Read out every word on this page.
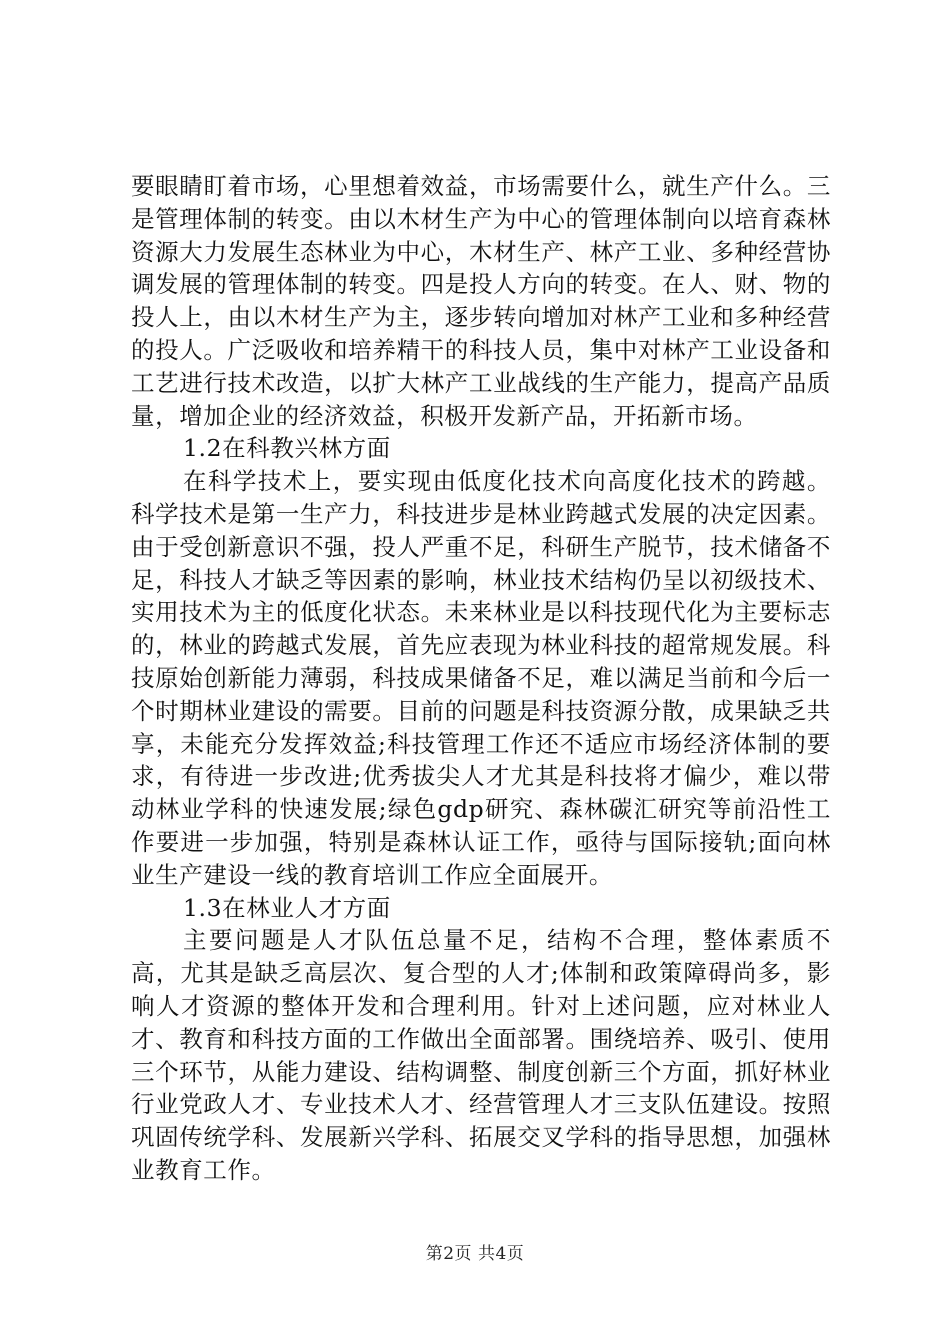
要眼睛盯着市场，心里想着效益，市场需要什么，就生产什么。三是管理体制的转变。由以木材生产为中心的管理体制向以培育森林资源大力发展生态林业为中心，木材生产、林产工业、多种经营协调发展的管理体制的转变。四是投人方向的转变。在人、财、物的投人上，由以木材生产为主，逐步转向增加对林产工业和多种经营的投人。广泛吸收和培养精干的科技人员，集中对林产工业设备和工艺进行技术改造，以扩大林产工业战线的生产能力，提高产品质量，增加企业的经济效益，积极开发新产品，开拓新市场。

1.2在科教兴林方面

在科学技术上，要实现由低度化技术向高度化技术的跨越。科学技术是第一生产力，科技进步是林业跨越式发展的决定因素。由于受创新意识不强，投人严重不足，科研生产脱节，技术储备不足，科技人才缺乏等因素的影响，林业技术结构仍呈以初级技术、实用技术为主的低度化状态。未来林业是以科技现代化为主要标志的，林业的跨越式发展，首先应表现为林业科技的超常规发展。科技原始创新能力薄弱，科技成果储备不足，难以满足当前和今后一个时期林业建设的需要。目前的问题是科技资源分散，成果缺乏共享，未能充分发挥效益;科技管理工作还不适应市场经济体制的要求，有待进一步改进;优秀拔尖人才尤其是科技将才偏少，难以带动林业学科的快速发展;绿色gdp研究、森林碳汇研究等前沿性工作要进一步加强，特别是森林认证工作，亟待与国际接轨;面向林业生产建设一线的教育培训工作应全面展开。

1.3在林业人才方面

主要问题是人才队伍总量不足，结构不合理，整体素质不高，尤其是缺乏高层次、复合型的人才;体制和政策障碍尚多，影响人才资源的整体开发和合理利用。针对上述问题，应对林业人才、教育和科技方面的工作做出全面部署。围绕培养、吸引、使用三个环节，从能力建设、结构调整、制度创新三个方面，抓好林业行业党政人才、专业技术人才、经营管理人才三支队伍建设。按照巩固传统学科、发展新兴学科、拓展交叉学科的指导思想，加强林业教育工作。

第2页 共4页
